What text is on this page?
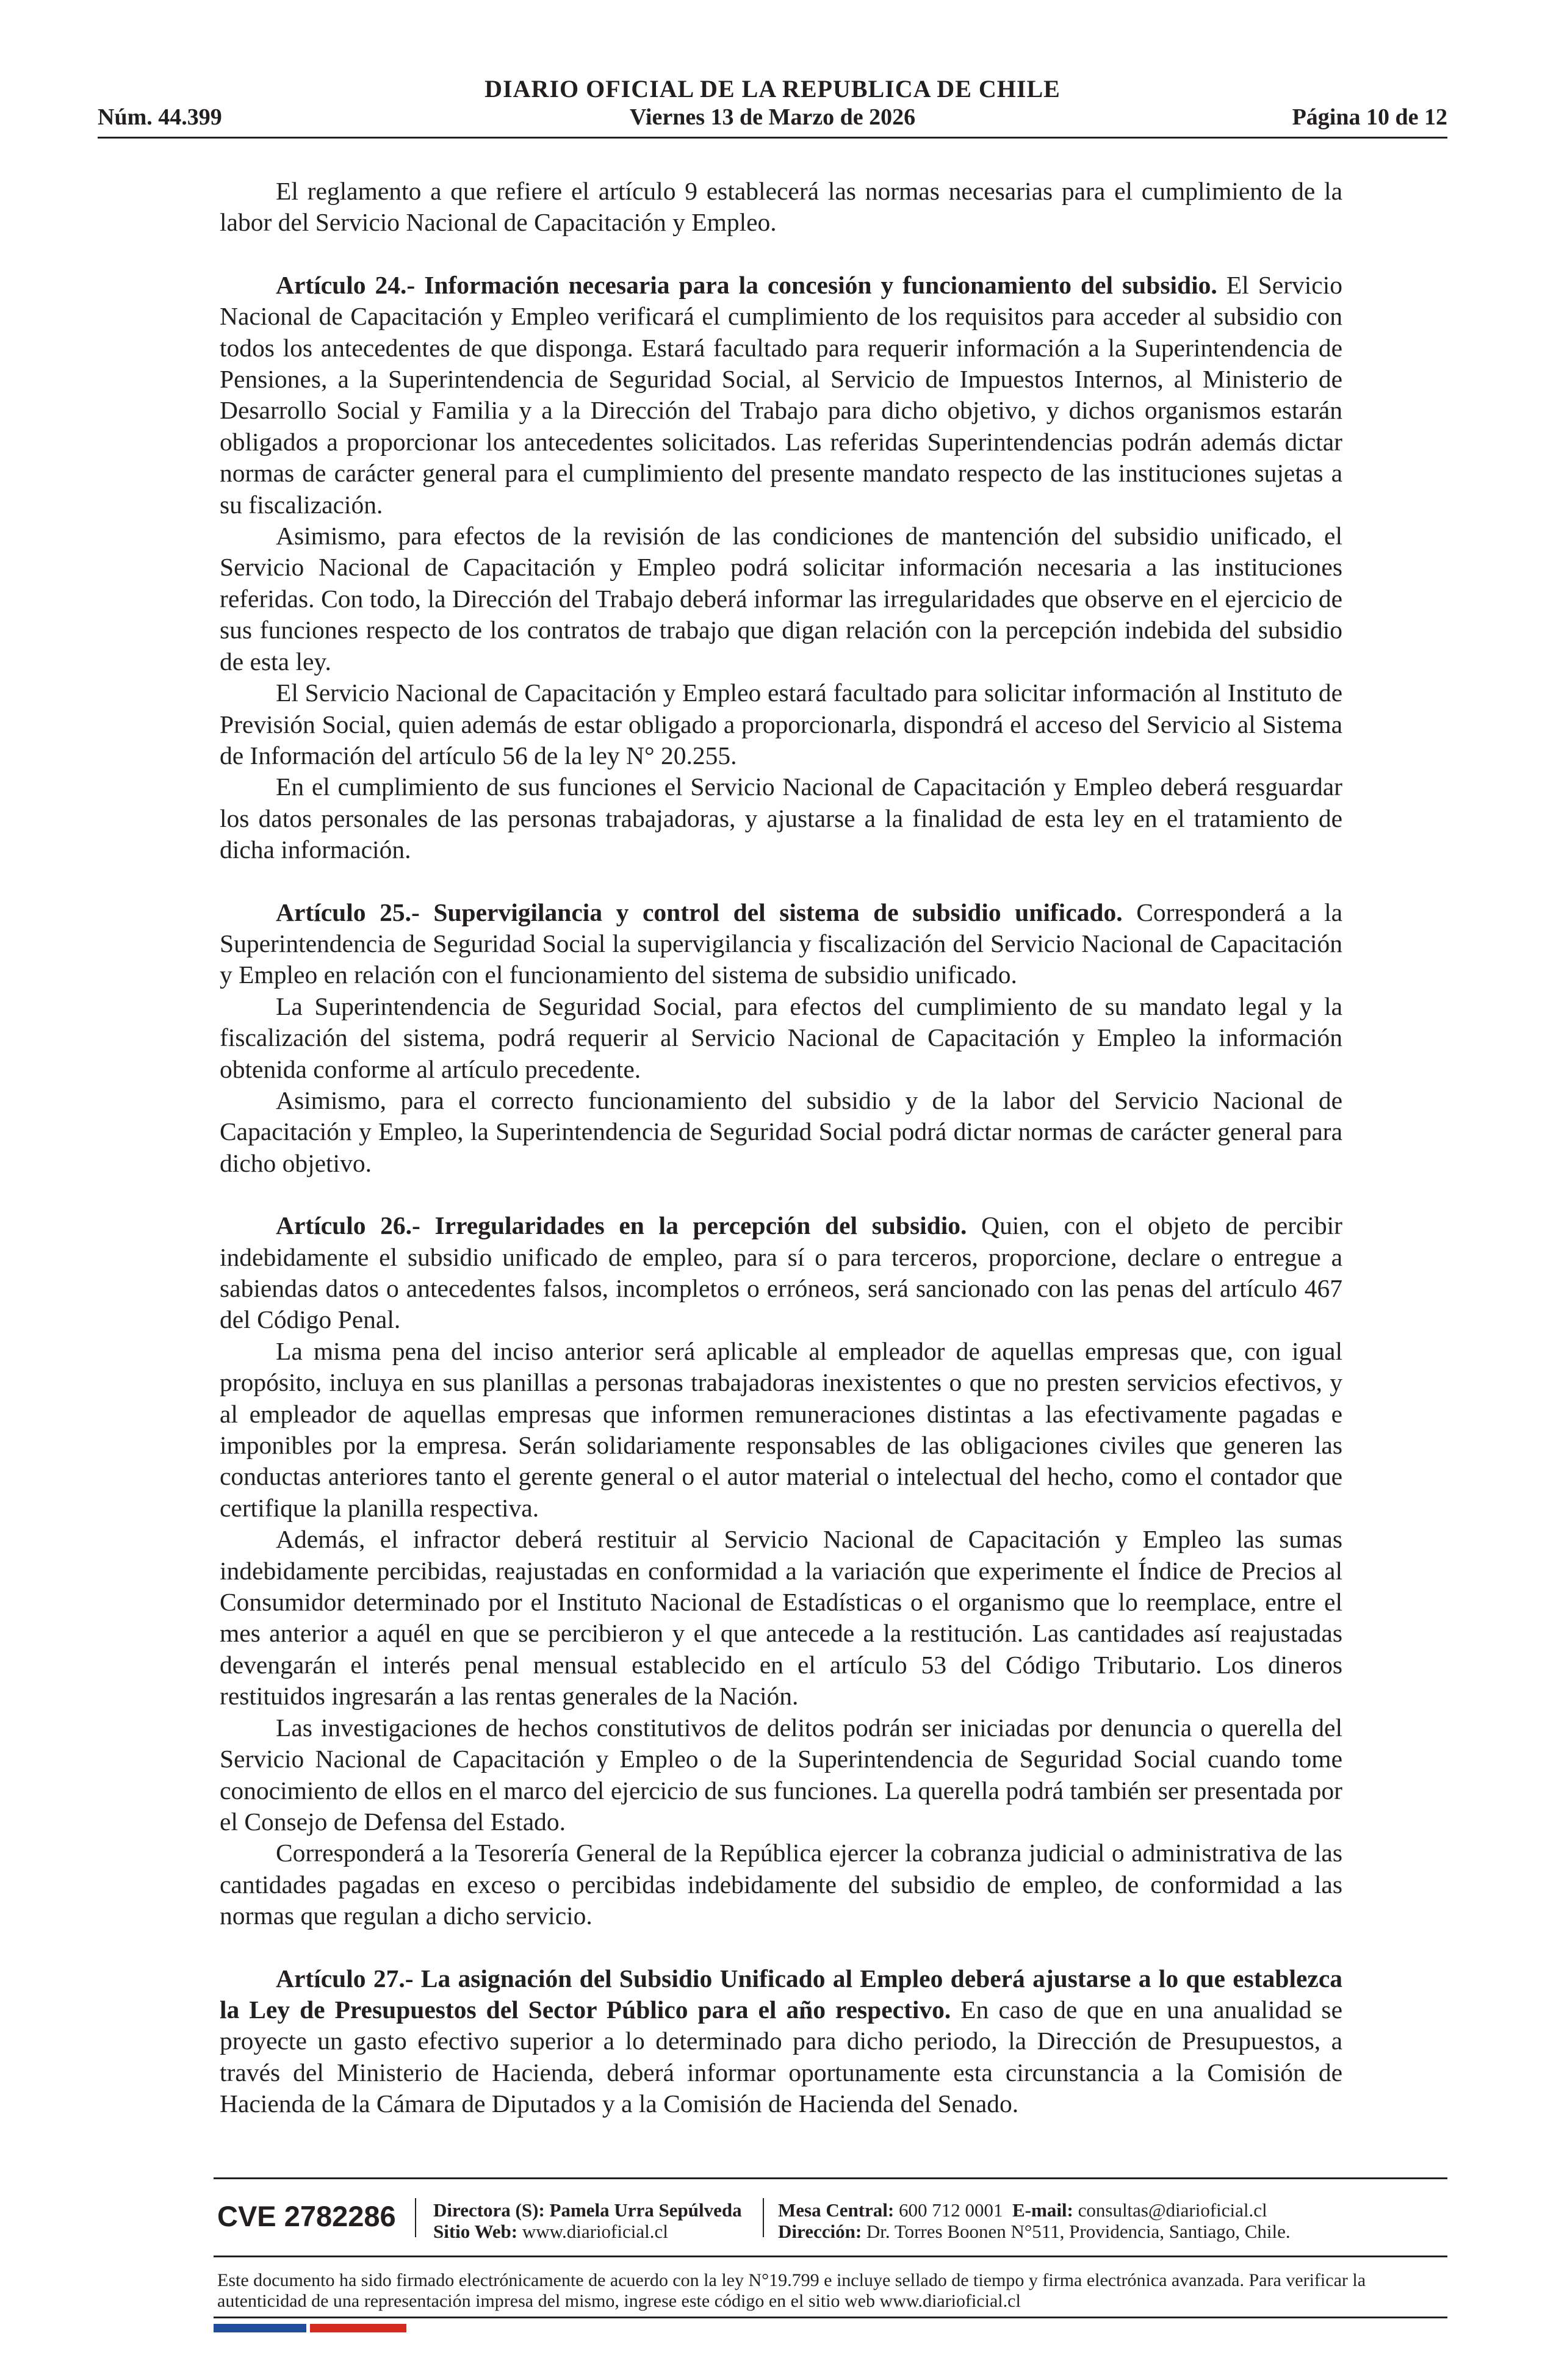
DIARIO OFICIAL DE LA REPUBLICA DE CHILE
Núm. 44.399	Viernes 13 de Marzo de 2026	Página 10 de 12

El reglamento a que refiere el artículo 9 establecerá las normas necesarias para el cumplimiento de la labor del Servicio Nacional de Capacitación y Empleo.

Artículo 24.- Información necesaria para la concesión y funcionamiento del subsidio. El Servicio Nacional de Capacitación y Empleo verificará el cumplimiento de los requisitos para acceder al subsidio con todos los antecedentes de que disponga. Estará facultado para requerir información a la Superintendencia de Pensiones, a la Superintendencia de Seguridad Social, al Servicio de Impuestos Internos, al Ministerio de Desarrollo Social y Familia y a la Dirección del Trabajo para dicho objetivo, y dichos organismos estarán obligados a proporcionar los antecedentes solicitados. Las referidas Superintendencias podrán además dictar normas de carácter general para el cumplimiento del presente mandato respecto de las instituciones sujetas a su fiscalización.

Asimismo, para efectos de la revisión de las condiciones de mantención del subsidio unificado, el Servicio Nacional de Capacitación y Empleo podrá solicitar información necesaria a las instituciones referidas. Con todo, la Dirección del Trabajo deberá informar las irregularidades que observe en el ejercicio de sus funciones respecto de los contratos de trabajo que digan relación con la percepción indebida del subsidio de esta ley.

El Servicio Nacional de Capacitación y Empleo estará facultado para solicitar información al Instituto de Previsión Social, quien además de estar obligado a proporcionarla, dispondrá el acceso del Servicio al Sistema de Información del artículo 56 de la ley N° 20.255.

En el cumplimiento de sus funciones el Servicio Nacional de Capacitación y Empleo deberá resguardar los datos personales de las personas trabajadoras, y ajustarse a la finalidad de esta ley en el tratamiento de dicha información.

Artículo 25.- Supervigilancia y control del sistema de subsidio unificado. Corresponderá a la Superintendencia de Seguridad Social la supervigilancia y fiscalización del Servicio Nacional de Capacitación y Empleo en relación con el funcionamiento del sistema de subsidio unificado.

La Superintendencia de Seguridad Social, para efectos del cumplimiento de su mandato legal y la fiscalización del sistema, podrá requerir al Servicio Nacional de Capacitación y Empleo la información obtenida conforme al artículo precedente.

Asimismo, para el correcto funcionamiento del subsidio y de la labor del Servicio Nacional de Capacitación y Empleo, la Superintendencia de Seguridad Social podrá dictar normas de carácter general para dicho objetivo.

Artículo 26.- Irregularidades en la percepción del subsidio. Quien, con el objeto de percibir indebidamente el subsidio unificado de empleo, para sí o para terceros, proporcione, declare o entregue a sabiendas datos o antecedentes falsos, incompletos o erróneos, será sancionado con las penas del artículo 467 del Código Penal.

La misma pena del inciso anterior será aplicable al empleador de aquellas empresas que, con igual propósito, incluya en sus planillas a personas trabajadoras inexistentes o que no presten servicios efectivos, y al empleador de aquellas empresas que informen remuneraciones distintas a las efectivamente pagadas e imponibles por la empresa. Serán solidariamente responsables de las obligaciones civiles que generen las conductas anteriores tanto el gerente general o el autor material o intelectual del hecho, como el contador que certifique la planilla respectiva.

Además, el infractor deberá restituir al Servicio Nacional de Capacitación y Empleo las sumas indebidamente percibidas, reajustadas en conformidad a la variación que experimente el Índice de Precios al Consumidor determinado por el Instituto Nacional de Estadísticas o el organismo que lo reemplace, entre el mes anterior a aquél en que se percibieron y el que antecede a la restitución. Las cantidades así reajustadas devengarán el interés penal mensual establecido en el artículo 53 del Código Tributario. Los dineros restituidos ingresarán a las rentas generales de la Nación.

Las investigaciones de hechos constitutivos de delitos podrán ser iniciadas por denuncia o querella del Servicio Nacional de Capacitación y Empleo o de la Superintendencia de Seguridad Social cuando tome conocimiento de ellos en el marco del ejercicio de sus funciones. La querella podrá también ser presentada por el Consejo de Defensa del Estado.

Corresponderá a la Tesorería General de la República ejercer la cobranza judicial o administrativa de las cantidades pagadas en exceso o percibidas indebidamente del subsidio de empleo, de conformidad a las normas que regulan a dicho servicio.

Artículo 27.- La asignación del Subsidio Unificado al Empleo deberá ajustarse a lo que establezca la Ley de Presupuestos del Sector Público para el año respectivo. En caso de que en una anualidad se proyecte un gasto efectivo superior a lo determinado para dicho periodo, la Dirección de Presupuestos, a través del Ministerio de Hacienda, deberá informar oportunamente esta circunstancia a la Comisión de Hacienda de la Cámara de Diputados y a la Comisión de Hacienda del Senado.

CVE 2782286 Directora (S): Pamela Urra Sepúlveda
Sitio Web: www.diarioficial.cl
Mesa Central: 600 712 0001 E-mail: consultas@diarioficial.cl
Dirección: Dr. Torres Boonen N°511, Providencia, Santiago, Chile.
Este documento ha sido firmado electrónicamente de acuerdo con la ley N°19.799 e incluye sellado de tiempo y firma electrónica avanzada. Para verificar la autenticidad de una representación impresa del mismo, ingrese este código en el sitio web www.diarioficial.cl
